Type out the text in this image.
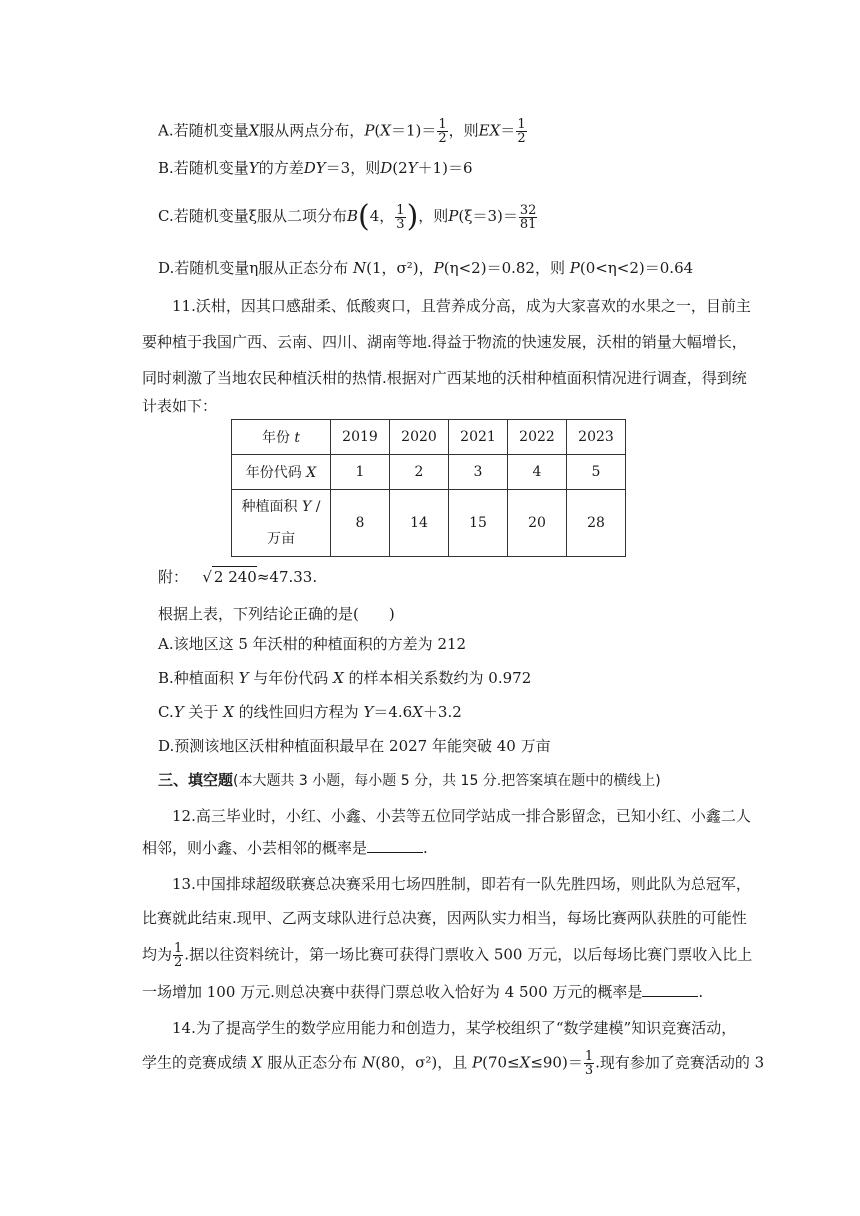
A.若随机变量X服从两点分布，$P(X=1)= \frac{1}{2}$ ，则$EX= \frac{1}{2}$
B.若随机变量Y的方差DY＝3，则D(2Y＋1)＝6
C.若随机变量ξ服从二项分布B(4， $\frac{1}{3}$ )，则$P(\xi=3)= \frac{32}{81}$
D.若随机变量η服从正态分布 N(1，σ²)，P(η<2)＝0.82，则 P(0<η<2)＝0.64
11.沃柑，因其口感甜柔、低酸爽口，且营养成分高，成为大家喜欢的水果之一，目前主
要种植于我国广西、云南、四川、湖南等地.得益于物流的快速发展，沃柑的销量大幅增长，
同时刺激了当地农民种植沃柑的热情.根据对广西某地的沃柑种植面积情况进行调查，得到统
计表如下：
年份 t	2019	2020	2021	2022	2023
年份代码 X	1	2	3	4	5
种植面积 Y /
万亩	8	14	15	20	28
附：   √ 2 240≈47.33.
根据上表，下列结论正确的是(　　)
A.该地区这 5 年沃柑的种植面积的方差为 212
B.种植面积 Y 与年份代码 X 的样本相关系数约为 0.972
C.Y 关于 X 的线性回归方程为 Y＝4.6X＋3.2
D.预测该地区沃柑种植面积最早在 2027 年能突破 40 万亩
三、填空题(本大题共 3 小题，每小题 5 分，共 15 分.把答案填在题中的横线上)
12.高三毕业时，小红、小鑫、小芸等五位同学站成一排合影留念，已知小红、小鑫二人
相邻，则小鑫、小芸相邻的概率是	.
13.中国排球超级联赛总决赛采用七场四胜制，即若有一队先胜四场，则此队为总冠军，
比赛就此结束.现甲、乙两支球队进行总决赛，因两队实力相当，每场比赛两队获胜的可能性
均为 $\frac{1}{2}$ .据以往资料统计，第一场比赛可获得门票收入 500 万元，以后每场比赛门票收入比上
一场增加 100 万元.则总决赛中获得门票总收入恰好为 4 500 万元的概率是	.
14.为了提高学生的数学应用能力和创造力，某学校组织了“数学建模”知识竞赛活动，
学生的竞赛成绩 X 服从正态分布 N(80，σ²)，且 $P(70\le X\le 90)= \frac{1}{3}$ .现有参加了竞赛活动的 3
